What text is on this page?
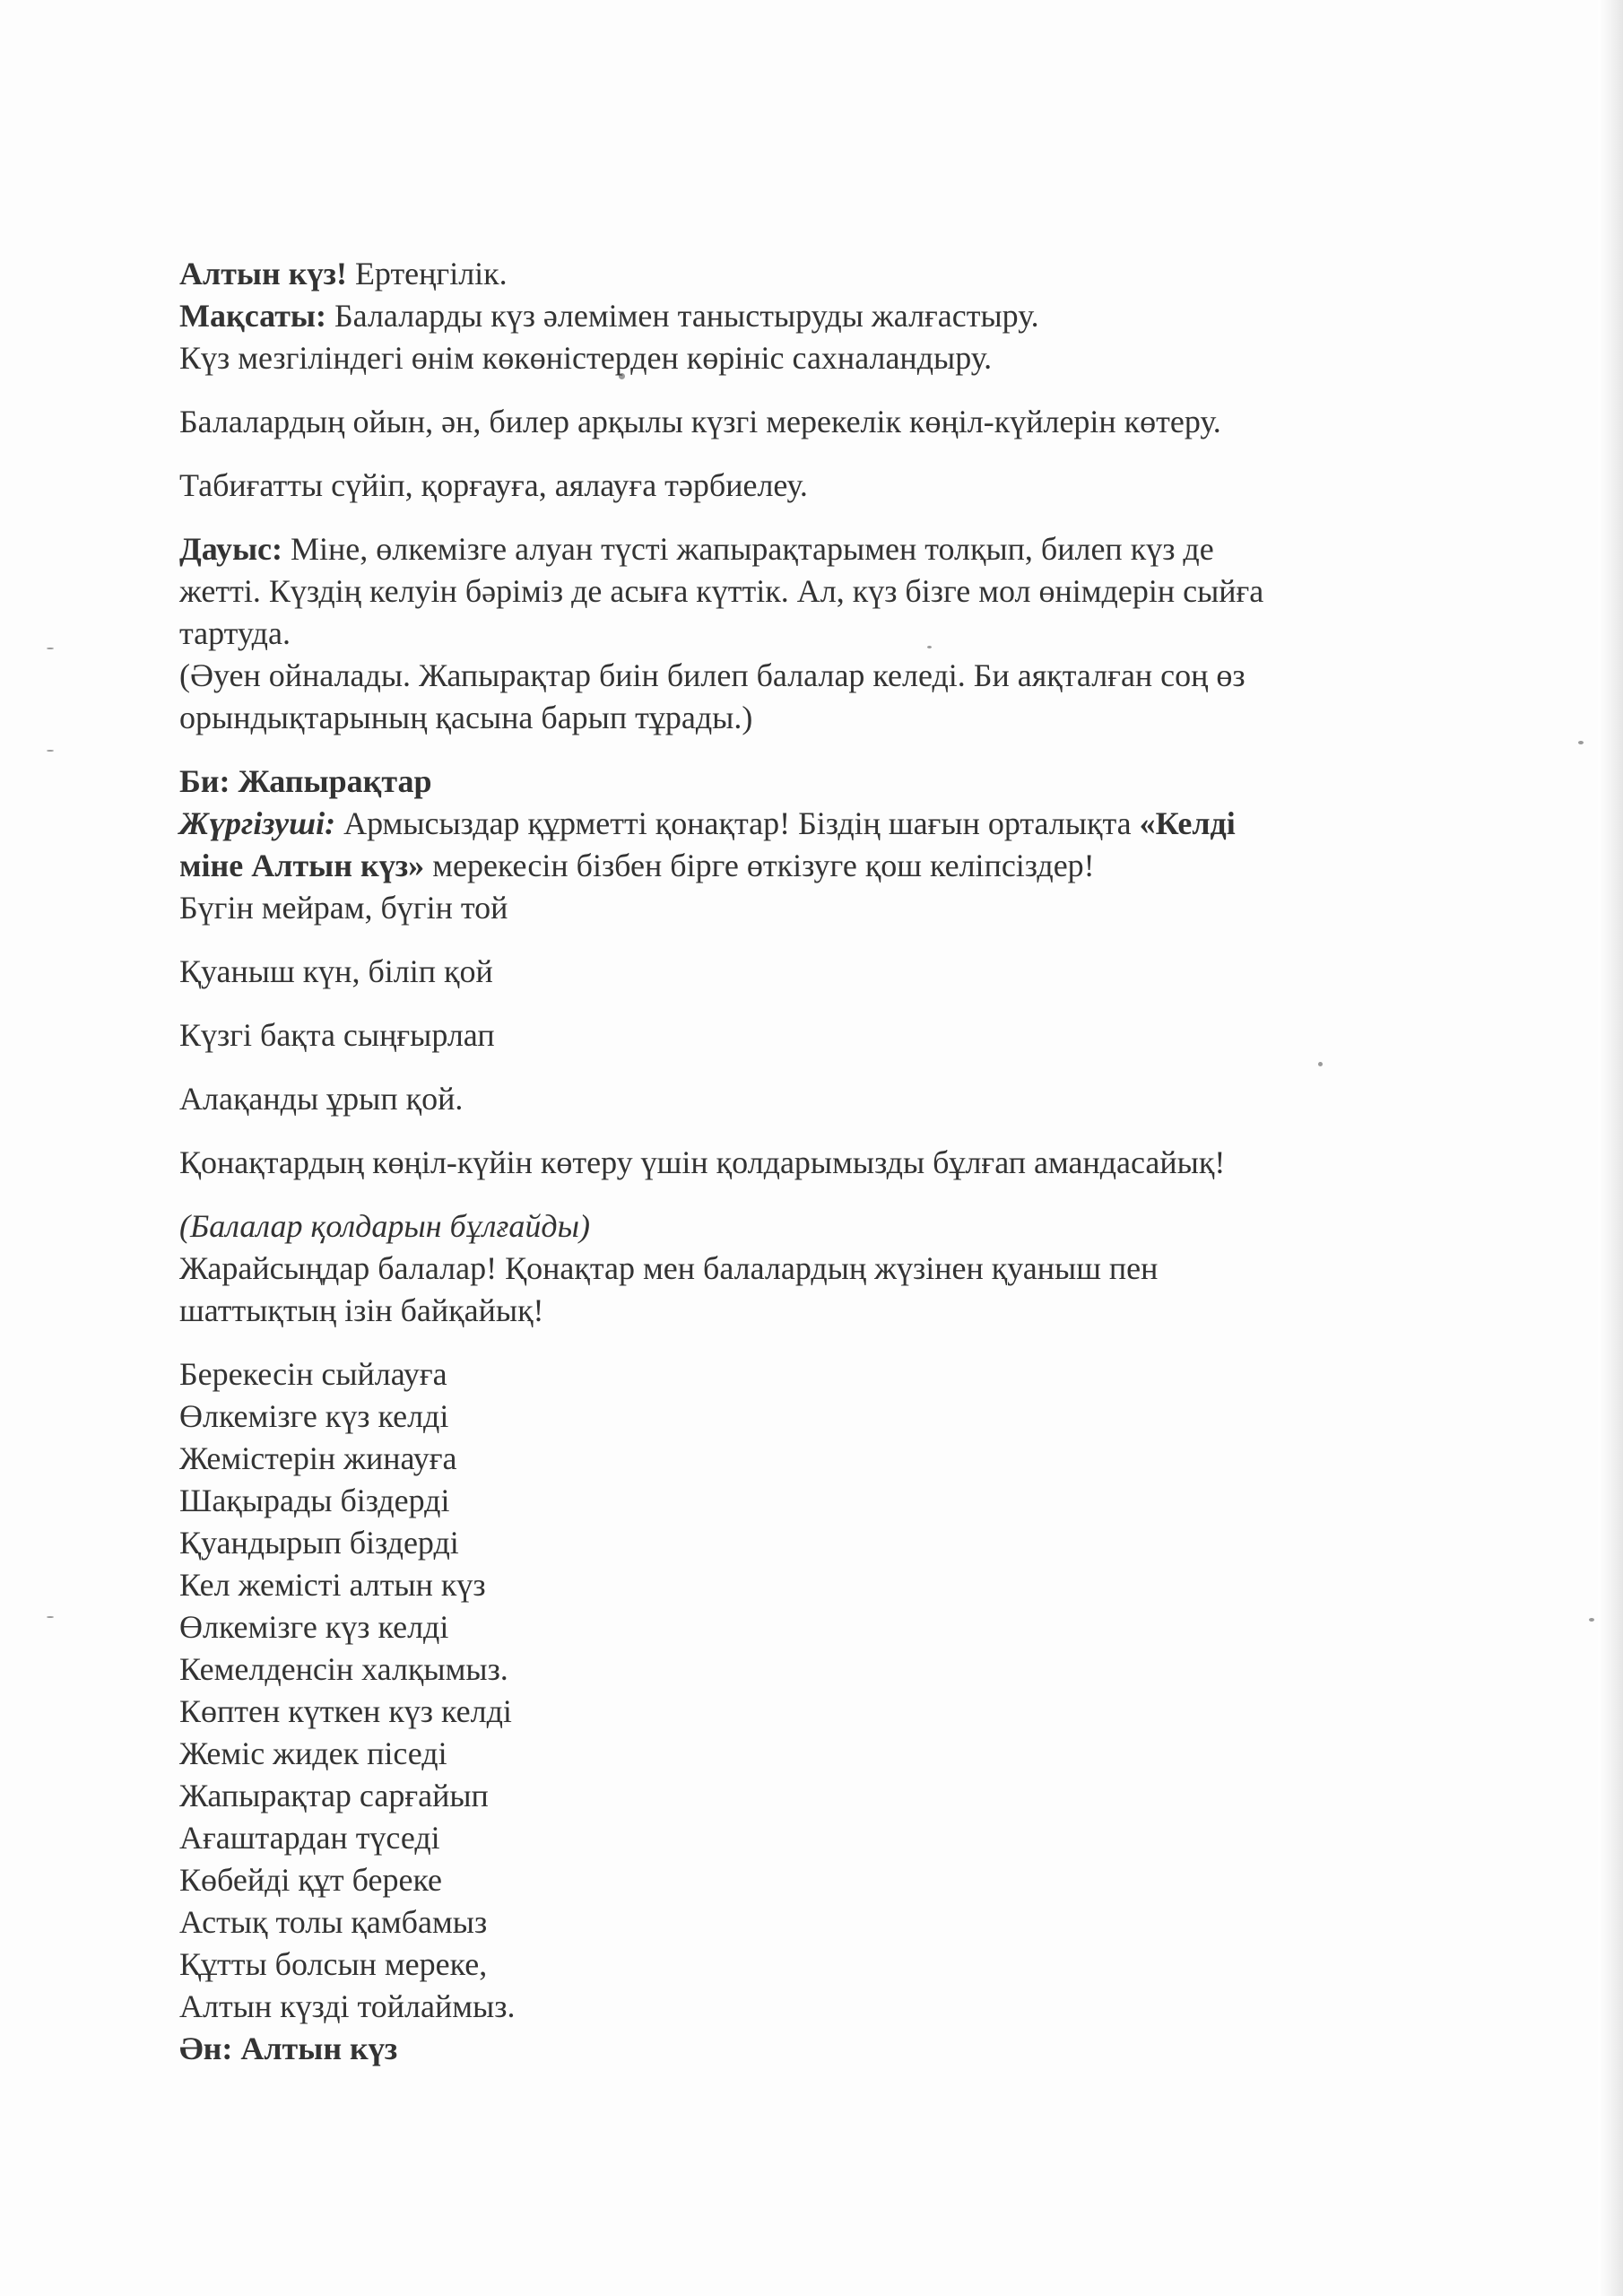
Алтын күз! Ертеңгілік.

Мақсаты: Балаларды күз әлемімен таныстыруды жалғастыру.

Күз мезгіліндегі өнім көкөністерден көрініс сахналандыру.

Балалардың ойын, ән, билер арқылы күзгі мерекелік көңіл-күйлерін көтеру.

Табиғатты сүйіп, қорғауға, аялауға тәрбиелеу.

Дауыс: Міне, өлкемізге алуан түсті жапырақтарымен толқып, билеп күз де

жетті. Күздің келуін бәріміз де асыға күттік. Ал, күз бізге мол өнімдерін сыйға

тартуда.

(Әуен ойналады. Жапырақтар биін билеп балалар келеді. Би аяқталған соң өз

орындықтарының қасына барып тұрады.)

Би: Жапырақтар

Жүргізуші: Армысыздар құрметті қонақтар! Біздің шағын орталықта «Келді

міне Алтын күз» мерекесін бізбен бірге өткізуге қош келіпсіздер!

Бүгін мейрам, бүгін той

Қуаныш күн, біліп қой

Күзгі бақта сыңғырлап

Алақанды ұрып қой.

Қонақтардың көңіл-күйін көтеру үшін қолдарымызды бұлғап амандасайық!

(Балалар қолдарын бұлғайды)

Жарайсыңдар балалар! Қонақтар мен балалардың жүзінен қуаныш пен

шаттықтың ізін байқайық!

Берекесін сыйлауға

Өлкемізге күз келді

Жемістерін жинауға

Шақырады біздерді

Қуандырып біздерді

Кел жемісті алтын күз

Өлкемізге күз келді

Кемелденсін халқымыз.

Көптен күткен күз келді

Жеміс жидек піседі

Жапырақтар сарғайып

Ағаштардан түседі

Көбейді құт береке

Астық толы қамбамыз

Құтты болсын мереке,

Алтын күзді тойлаймыз.

Ән: Алтын күз
